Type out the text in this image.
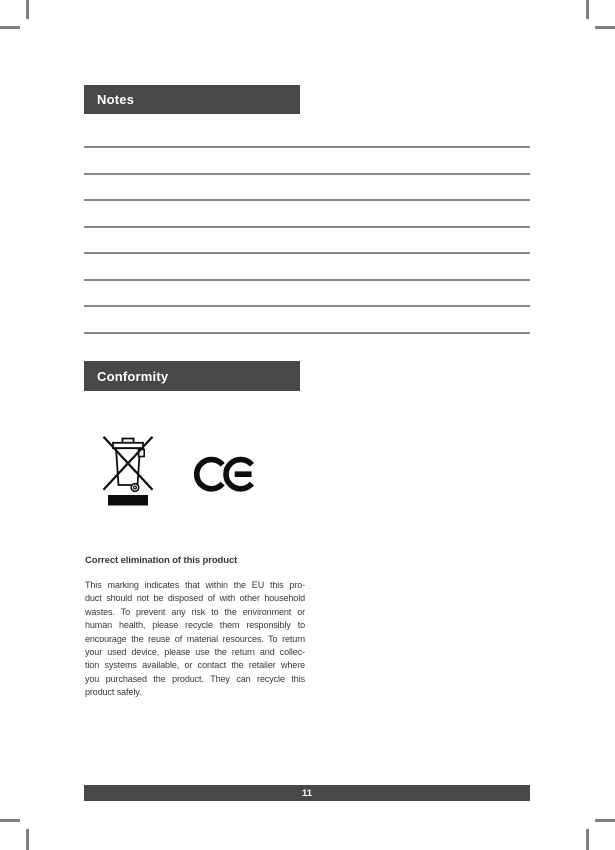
Notes
Conformity
Correct elimination of this product
This marking indicates that within the EU this pro-
duct should not be disposed of with other household
wastes. To prevent any risk to the environment or
human health, please recycle them responsibly to
encourage the reuse of material resources. To return
your used device, please use the return and collec-
tion systems available, or contact the retailer where
you purchased the product. They can recycle this
product safely.
11
